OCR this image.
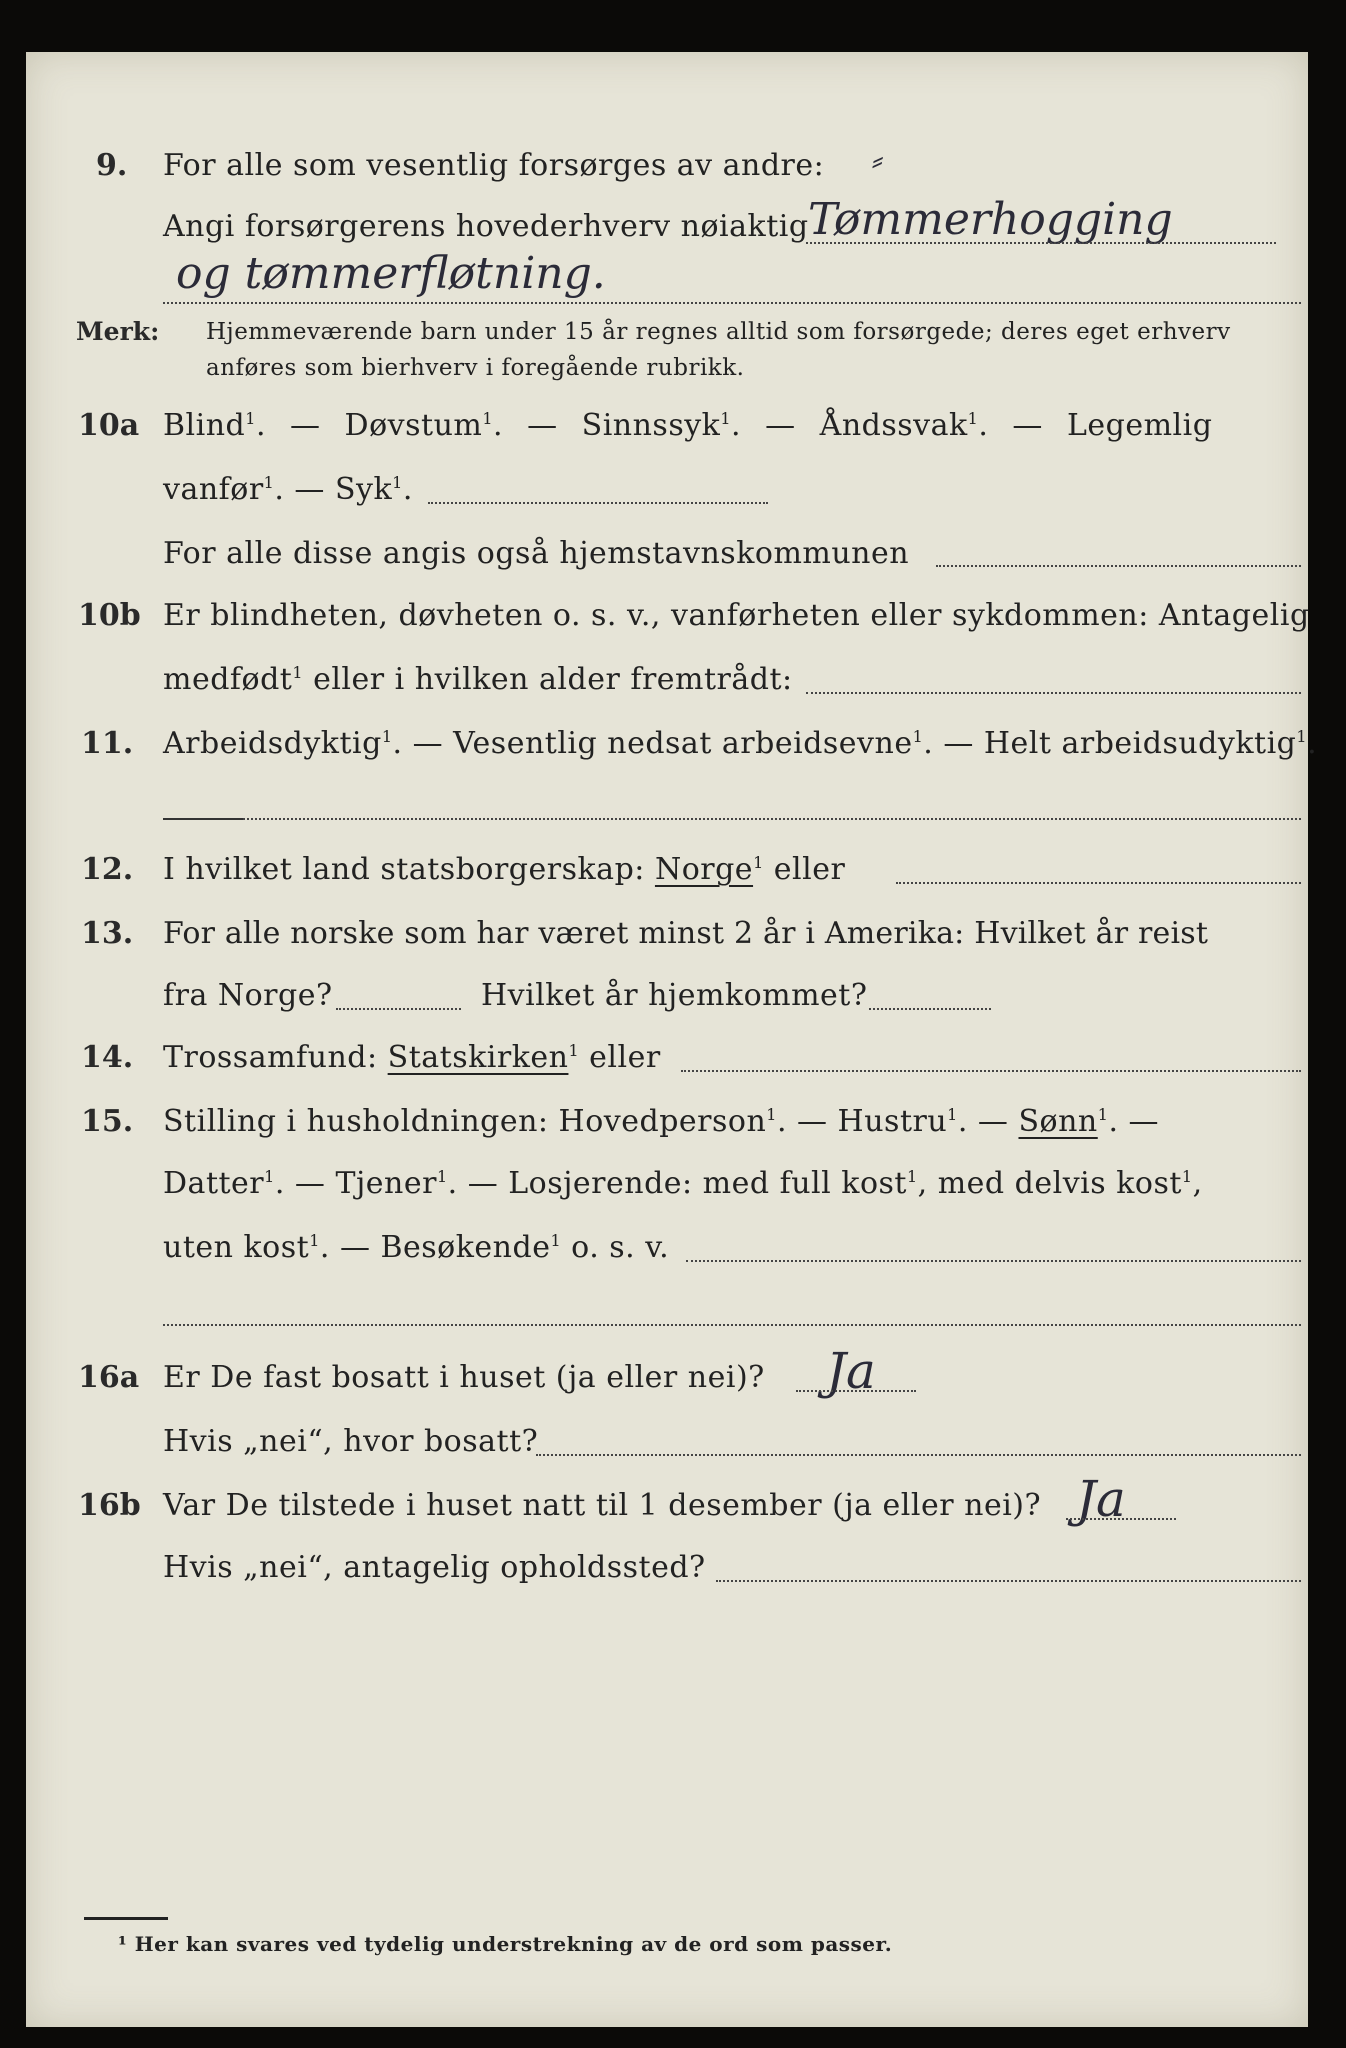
9. For alle som vesentlig forsørges av andre: ⸗
Angi forsørgerens hovederhverv nøiaktig Tømmerhogging
og tømmerfløtning.
Merk: Hjemmeværende barn under 15 år regnes alltid som forsørgede; deres eget erhverv
anføres som bierhverv i foregående rubrikk.
10a Blind$^1$. — Døvstum$^1$. — Sinnssyk$^1$. — Åndssvak$^1$. — Legemlig
vanfør$^1$. — Syk$^1$.
For alle disse angis også hjemstavnskommunen
10b Er blindheten, døvheten o. s. v., vanførheten eller sykdommen: Antagelig
medfødt$^1$ eller i hvilken alder fremtrådt:
11. Arbeidsdyktig$^1$. — Vesentlig nedsat arbeidsevne$^1$. — Helt arbeidsudyktig$^1$.
12. I hvilket land statsborgerskap: Norge$^1$ eller
13. For alle norske som har været minst 2 år i Amerika: Hvilket år reist
fra Norge?	Hvilket år hjemkommet?
14. Trossamfund: Statskirken$^1$ eller
15. Stilling i husholdningen: Hovedperson$^1$. — Hustru$^1$. — Sønn$^1$. —
Datter$^1$. — Tjener$^1$. — Losjerende: med full kost$^1$, med delvis kost$^1$,
uten kost$^1$. — Besøkende$^1$ o. s. v.
16a Er De fast bosatt i huset (ja eller nei)? Ja
Hvis „nei“, hvor bosatt?
16b Var De tilstede i huset natt til 1 desember (ja eller nei)? Ja
Hvis „nei“, antagelig opholdssted?
¹ Her kan svares ved tydelig understrekning av de ord som passer.
